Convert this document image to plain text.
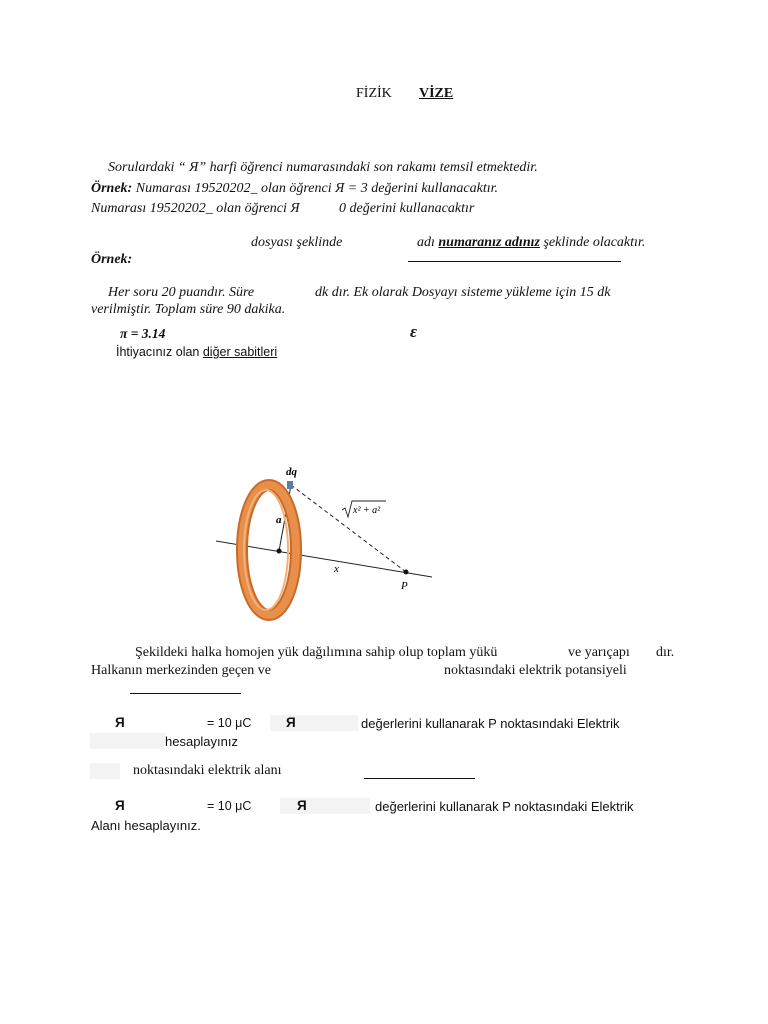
FİZİK VİZE
Sorulardaki “ Я” harfi öğrenci numarasındaki son rakamı temsil etmektedir.
Örnek: Numarası 19520202_ olan öğrenci Я = 3 değerini kullanacaktır.
Numarası 19520202_ olan öğrenci Я	0 değerini kullanacaktır
dosyası şeklinde	adı numaranız adınız şeklinde olacaktır.
Örnek:
Her soru 20 puandır. Süre	dk dır. Ek olarak Dosyayı sisteme yükleme için 15 dk
verilmiştir. Toplam süre 90 dakika.
π = 3.14	ε
İhtiyacınız olan diğer sabitleri
dq
a
x² + a²
x
P
Şekildeki halka homojen yük dağılımına sahip olup toplam yükü	ve yarıçapı dır.
Halkanın merkezinden geçen ve	noktasındaki elektrik potansiyeli
Я	= 10 μC	Я	değerlerini kullanarak P noktasındaki Elektrik
hesaplayınız
noktasındaki elektrik alanı
Я	= 10 μC	Я	değerlerini kullanarak P noktasındaki Elektrik
Alanı hesaplayınız.
